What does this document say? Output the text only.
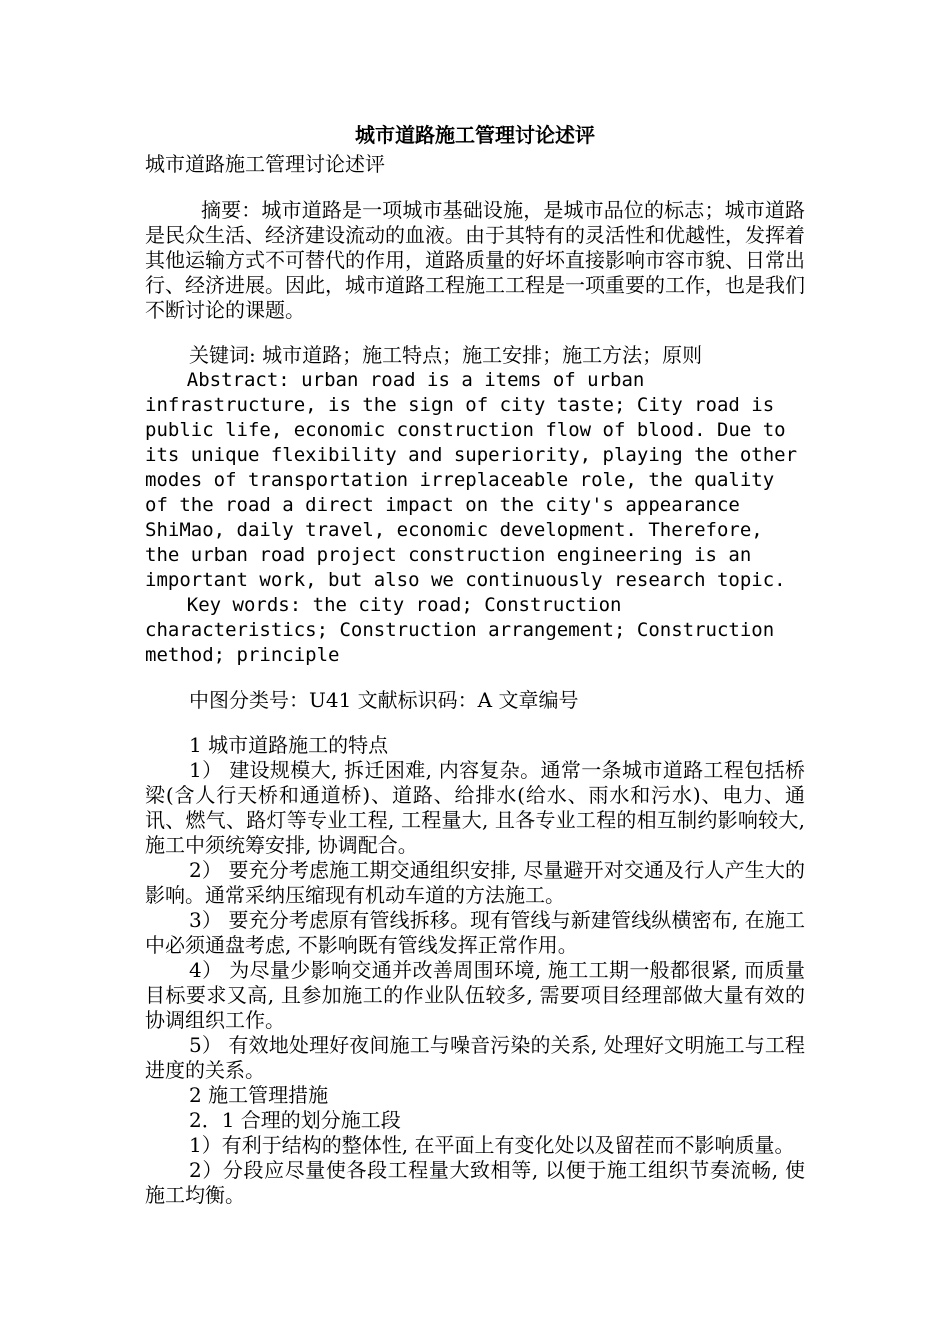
城市道路施工管理讨论述评
城市道路施工管理讨论述评

摘要：城市道路是一项城市基础设施，是城市品位的标志；城市道路是民众生活、经济建设流动的血液。由于其特有的灵活性和优越性，发挥着其他运输方式不可替代的作用，道路质量的好坏直接影响市容市貌、日常出行、经济进展。因此，城市道路工程施工工程是一项重要的工作，也是我们不断讨论的课题。

关键词: 城市道路；施工特点；施工安排；施工方法；原则

Abstract: urban road is a items of urban infrastructure, is the sign of city taste; City road is public life, economic construction flow of blood. Due to its unique flexibility and superiority, playing the other modes of transportation irreplaceable role, the quality of the road a direct impact on the city's appearance ShiMao, daily travel, economic development. Therefore, the urban road project construction engineering is an important work, but also we continuously research topic.

Key words: the city road; Construction characteristics; Construction arrangement; Construction method; principle

中图分类号：U41 文献标识码：A 文章编号

1 城市道路施工的特点

1） 建设规模大, 拆迁困难, 内容复杂。通常一条城市道路工程包括桥梁(含人行天桥和通道桥)、道路、给排水(给水、雨水和污水)、电力、通讯、燃气、路灯等专业工程, 工程量大, 且各专业工程的相互制约影响较大, 施工中须统筹安排, 协调配合。

2） 要充分考虑施工期交通组织安排, 尽量避开对交通及行人产生大的影响。通常采纳压缩现有机动车道的方法施工。

3） 要充分考虑原有管线拆移。现有管线与新建管线纵横密布, 在施工中必须通盘考虑, 不影响既有管线发挥正常作用。

4） 为尽量少影响交通并改善周围环境, 施工工期一般都很紧, 而质量目标要求又高, 且参加施工的作业队伍较多, 需要项目经理部做大量有效的协调组织工作。

5） 有效地处理好夜间施工与噪音污染的关系, 处理好文明施工与工程进度的关系。

2 施工管理措施

2．1 合理的划分施工段

1）有利于结构的整体性, 在平面上有变化处以及留茬而不影响质量。

2）分段应尽量使各段工程量大致相等, 以便于施工组织节奏流畅, 使施工均衡。
